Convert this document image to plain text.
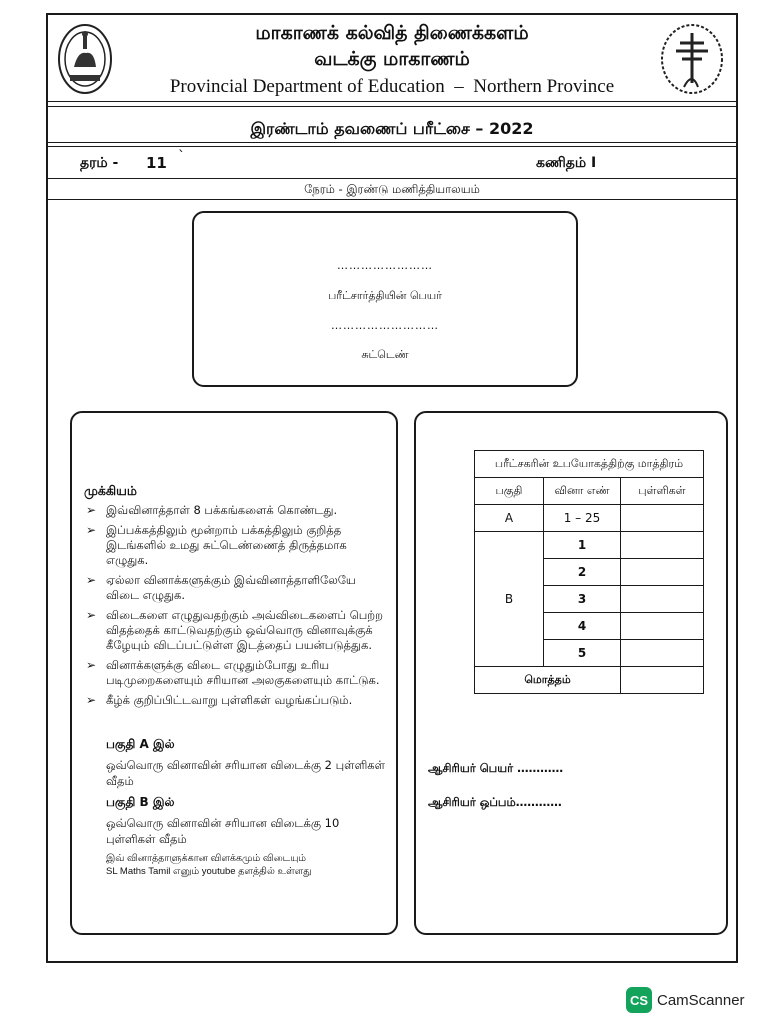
மாகாணக் கல்வித் திணைக்களம்
வடக்கு மாகாணம்
Provincial Department of Education  –  Northern Province
இரண்டாம் தவணைப் பரீட்சை – 2022
தரம் - 11 `	கணிதம் I
நேரம் - இரண்டு மணித்தியாலயம்
……………………
பரீட்சார்த்தியின் பெயர்
………………………
சுட்டெண்
முக்கியம்
➢ இவ்வினாத்தாள் 8 பக்கங்களைக் கொண்டது.
➢ இப்பக்கத்திலும் மூன்றாம் பக்கத்திலும் குறித்த இடங்களில் உமது சுட்டெண்ணைத் திருத்தமாக எழுதுக.
➢ ஏல்லா வினாக்களுக்கும் இவ்வினாத்தாளிலேயே விடை எழுதுக.
➢ விடைகளை எழுதுவதற்கும் அவ்விடைகளைப் பெற்ற விதத்தைக் காட்டுவதற்கும் ஒவ்வொரு வினாவுக்குக் கீழேயும் விடப்பட்டுள்ள இடத்தைப் பயன்படுத்துக.
➢ வினாக்களுக்கு விடை எழுதும்போது உரிய படிமுறைகளையும் சரியான அலகுகளையும் காட்டுக.
➢ கீழ்க் குறிப்பிட்டவாறு புள்ளிகள் வழங்கப்படும்.
பகுதி A இல்
ஒவ்வொரு வினாவின் சரியான விடைக்கு 2 புள்ளிகள் வீதம்
பகுதி B இல்
ஒவ்வொரு வினாவின் சரியான விடைக்கு 10 புள்ளிகள் வீதம்
இவ் வினாத்தாளுக்கான விளக்கமும் விடையும்
SL Maths Tamil எனும் youtube தளத்தில் உள்ளது
பரீட்சகரின் உபயோகத்திற்கு மாத்திரம்		
பகுதி	வினா எண்	புள்ளிகள்
A	1 – 25	
B	1	
	2	
	3	
	4	
	5	
மொத்தம்		
ஆசிரியர் பெயர் …………
ஆசிரியர் ஒப்பம்…………
CS CamScanner
